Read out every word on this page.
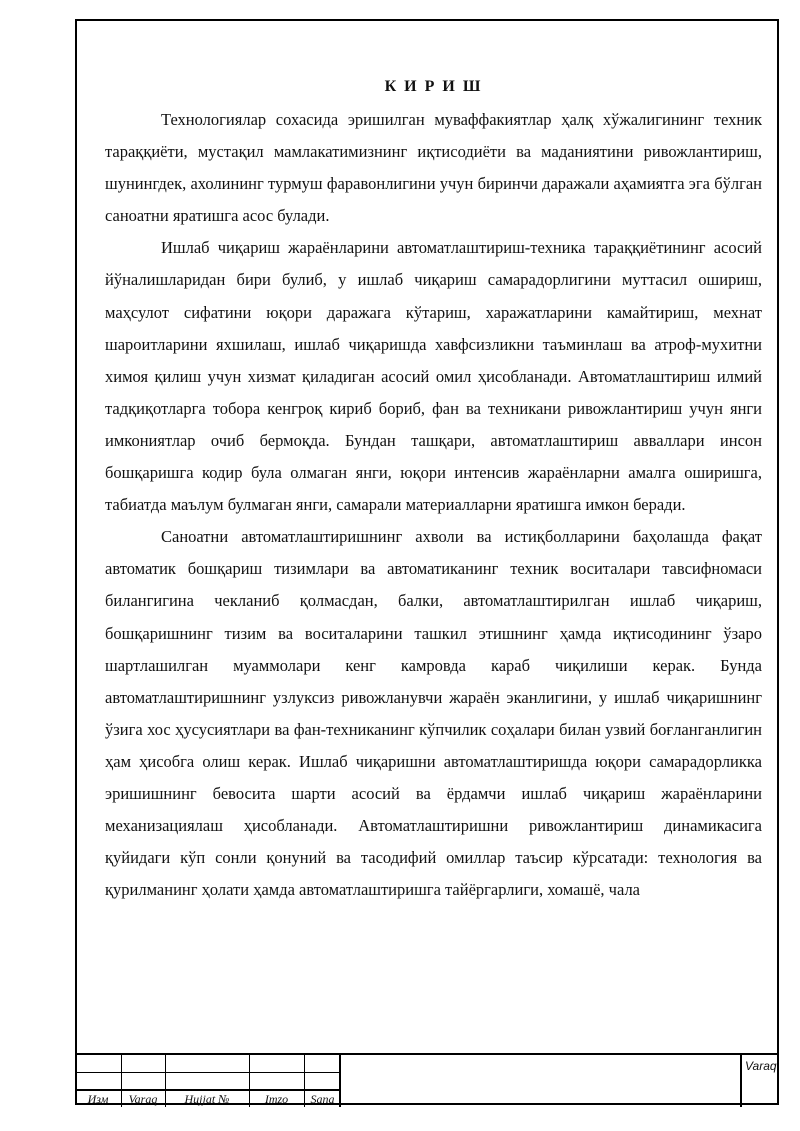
К И Р И Ш

Технологиялар сохасида эришилган муваффакиятлар ҳалқ хўжалигининг техник тараққиёти, мустақил мамлакатимизнинг иқтисодиёти ва маданиятини ривожлантириш, шунингдек, ахолининг турмуш фаравонлигини учун биринчи даражали аҳамиятга эга бўлган саноатни яратишга асос булади.

Ишлаб чиқариш жараёнларини автоматлаштириш-техника тараққиётининг асосий йўналишларидан бири булиб, у ишлаб чиқариш самарадорлигини муттасил ошириш, маҳсулот сифатини юқори даражага кўтариш, харажатларини камайтириш, мехнат шароитларини яхшилаш, ишлаб чиқаришда хавфсизликни таъминлаш ва атроф-мухитни химоя қилиш учун хизмат қиладиган асосий омил ҳисобланади. Автоматлаштириш илмий тадқиқотларга тобора кенгроқ кириб бориб, фан ва техникани ривожлантириш учун янги имкониятлар очиб бермоқда. Бундан ташқари, автоматлаштириш авваллари инсон бошқаришга кодир була олмаган янги, юқори интенсив жараёнларни амалга оширишга, табиатда маълум булмаган янги, самарали материалларни яратишга имкон беради.

Саноатни автоматлаштиришнинг ахволи ва истиқболларини баҳолашда фақат автоматик бошқариш тизимлари ва автоматиканинг техник воситалари тавсифномаси билангигина чекланиб қолмасдан, балки, автоматлаштирилган ишлаб чиқариш, бошқаришнинг тизим ва воситаларини ташкил этишнинг ҳамда иқтисодининг ўзаро шартлашилган муаммолари кенг камровда караб чиқилиши керак. Бунда автоматлаштиришнинг узлуксиз ривожланувчи жараён эканлигини, у ишлаб чиқаришнинг ўзига хос ҳусусиятлари ва фан-техниканинг кўпчилик соҳалари билан узвий боғланганлигин ҳам ҳисобга олиш керак. Ишлаб чиқаришни автоматлаштиришда юқори самарадорликка эришишнинг бевосита шарти асосий ва ёрдамчи ишлаб чиқариш жараёнларини механизациялаш ҳисобланади. Автоматлаштиришни ривожлантириш динамикасига қуйидаги кўп сонли қонуний ва тасодифий омиллар таъсир кўрсатади: технология ва қурилманинг ҳолати ҳамда автоматлаштиришга тайёргарлиги, хомашё, чала

Изм	Varaq	Hujjat №	Imzo	Sana
Varaq
